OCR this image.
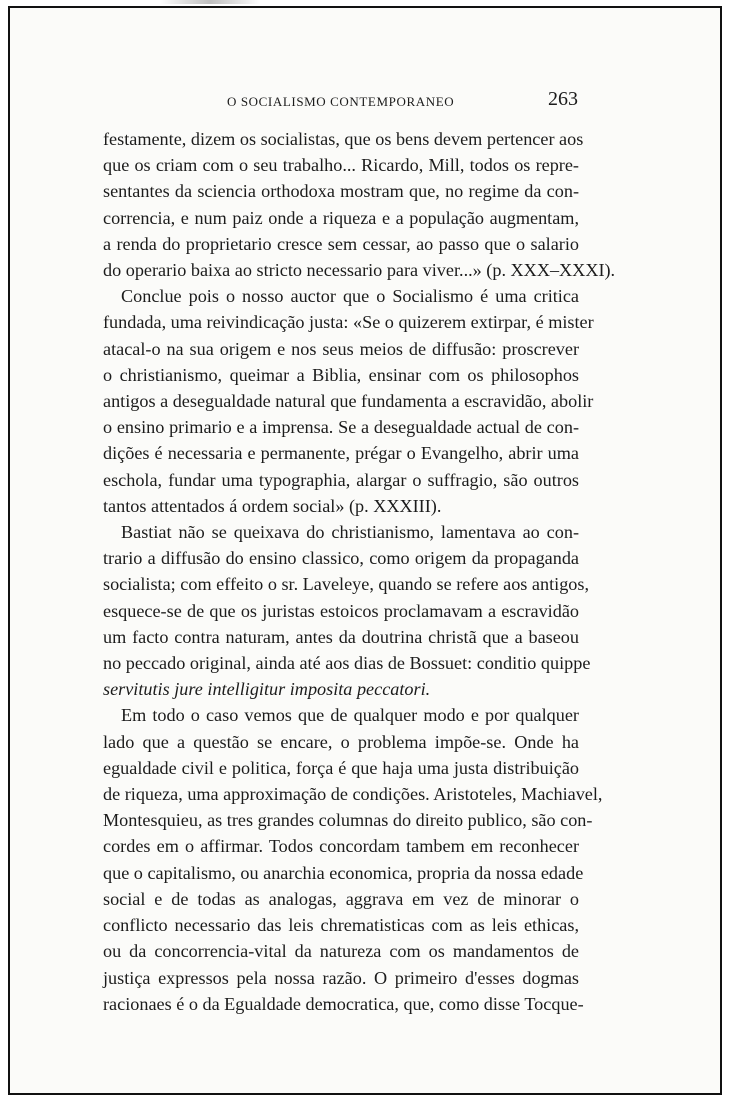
O SOCIALISMO CONTEMPORANEO	263
festamente, dizem os socialistas, que os bens devem pertencer aos
que os criam com o seu trabalho... Ricardo, Mill, todos os repre-
sentantes da sciencia orthodoxa mostram que, no regime da con-
correncia, e num paiz onde a riqueza e a população augmentam,
a renda do proprietario cresce sem cessar, ao passo que o salario
do operario baixa ao stricto necessario para viver...» (p. XXX–XXXI).
Conclue pois o nosso auctor que o Socialismo é uma critica
fundada, uma reivindicação justa: «Se o quizerem extirpar, é mister
atacal-o na sua origem e nos seus meios de diffusão: proscrever
o christianismo, queimar a Biblia, ensinar com os philosophos
antigos a desegualdade natural que fundamenta a escravidão, abolir
o ensino primario e a imprensa. Se a desegualdade actual de con-
dições é necessaria e permanente, prégar o Evangelho, abrir uma
eschola, fundar uma typographia, alargar o suffragio, são outros
tantos attentados á ordem social» (p. XXXIII).
Bastiat não se queixava do christianismo, lamentava ao con-
trario a diffusão do ensino classico, como origem da propaganda
socialista; com effeito o sr. Laveleye, quando se refere aos antigos,
esquece-se de que os juristas estoicos proclamavam a escravidão
um facto contra naturam, antes da doutrina christã que a baseou
no peccado original, ainda até aos dias de Bossuet: conditio quippe
servitutis jure intelligitur imposita peccatori.
Em todo o caso vemos que de qualquer modo e por qualquer
lado que a questão se encare, o problema impõe-se. Onde ha
egualdade civil e politica, força é que haja uma justa distribuição
de riqueza, uma approximação de condições. Aristoteles, Machiavel,
Montesquieu, as tres grandes columnas do direito publico, são con-
cordes em o affirmar. Todos concordam tambem em reconhecer
que o capitalismo, ou anarchia economica, propria da nossa edade
social e de todas as analogas, aggrava em vez de minorar o
conflicto necessario das leis chrematisticas com as leis ethicas,
ou da concorrencia-vital da natureza com os mandamentos de
justiça expressos pela nossa razão. O primeiro d'esses dogmas
racionaes é o da Egualdade democratica, que, como disse Tocque-
